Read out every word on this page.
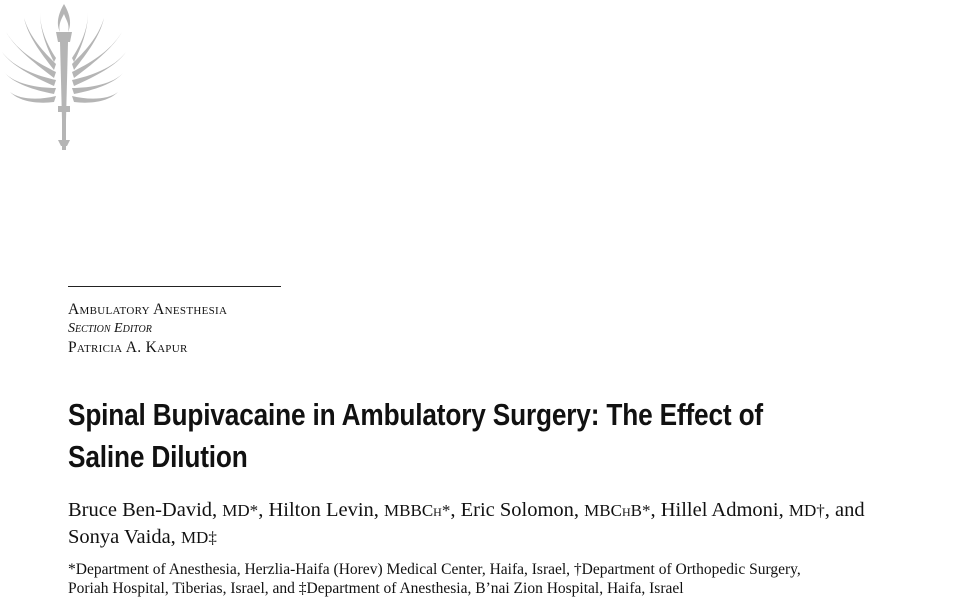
Ambulatory Anesthesia
Section Editor
Patricia A. Kapur
Spinal Bupivacaine in Ambulatory Surgery: The Effect of
Saline Dilution
Bruce Ben-David, MD*, Hilton Levin, MBBCh*, Eric Solomon, MBChB*, Hillel Admoni, MD†, and
Sonya Vaida, MD‡
*Department of Anesthesia, Herzlia-Haifa (Horev) Medical Center, Haifa, Israel, †Department of Orthopedic Surgery,
Poriah Hospital, Tiberias, Israel, and ‡Department of Anesthesia, B’nai Zion Hospital, Haifa, Israel
